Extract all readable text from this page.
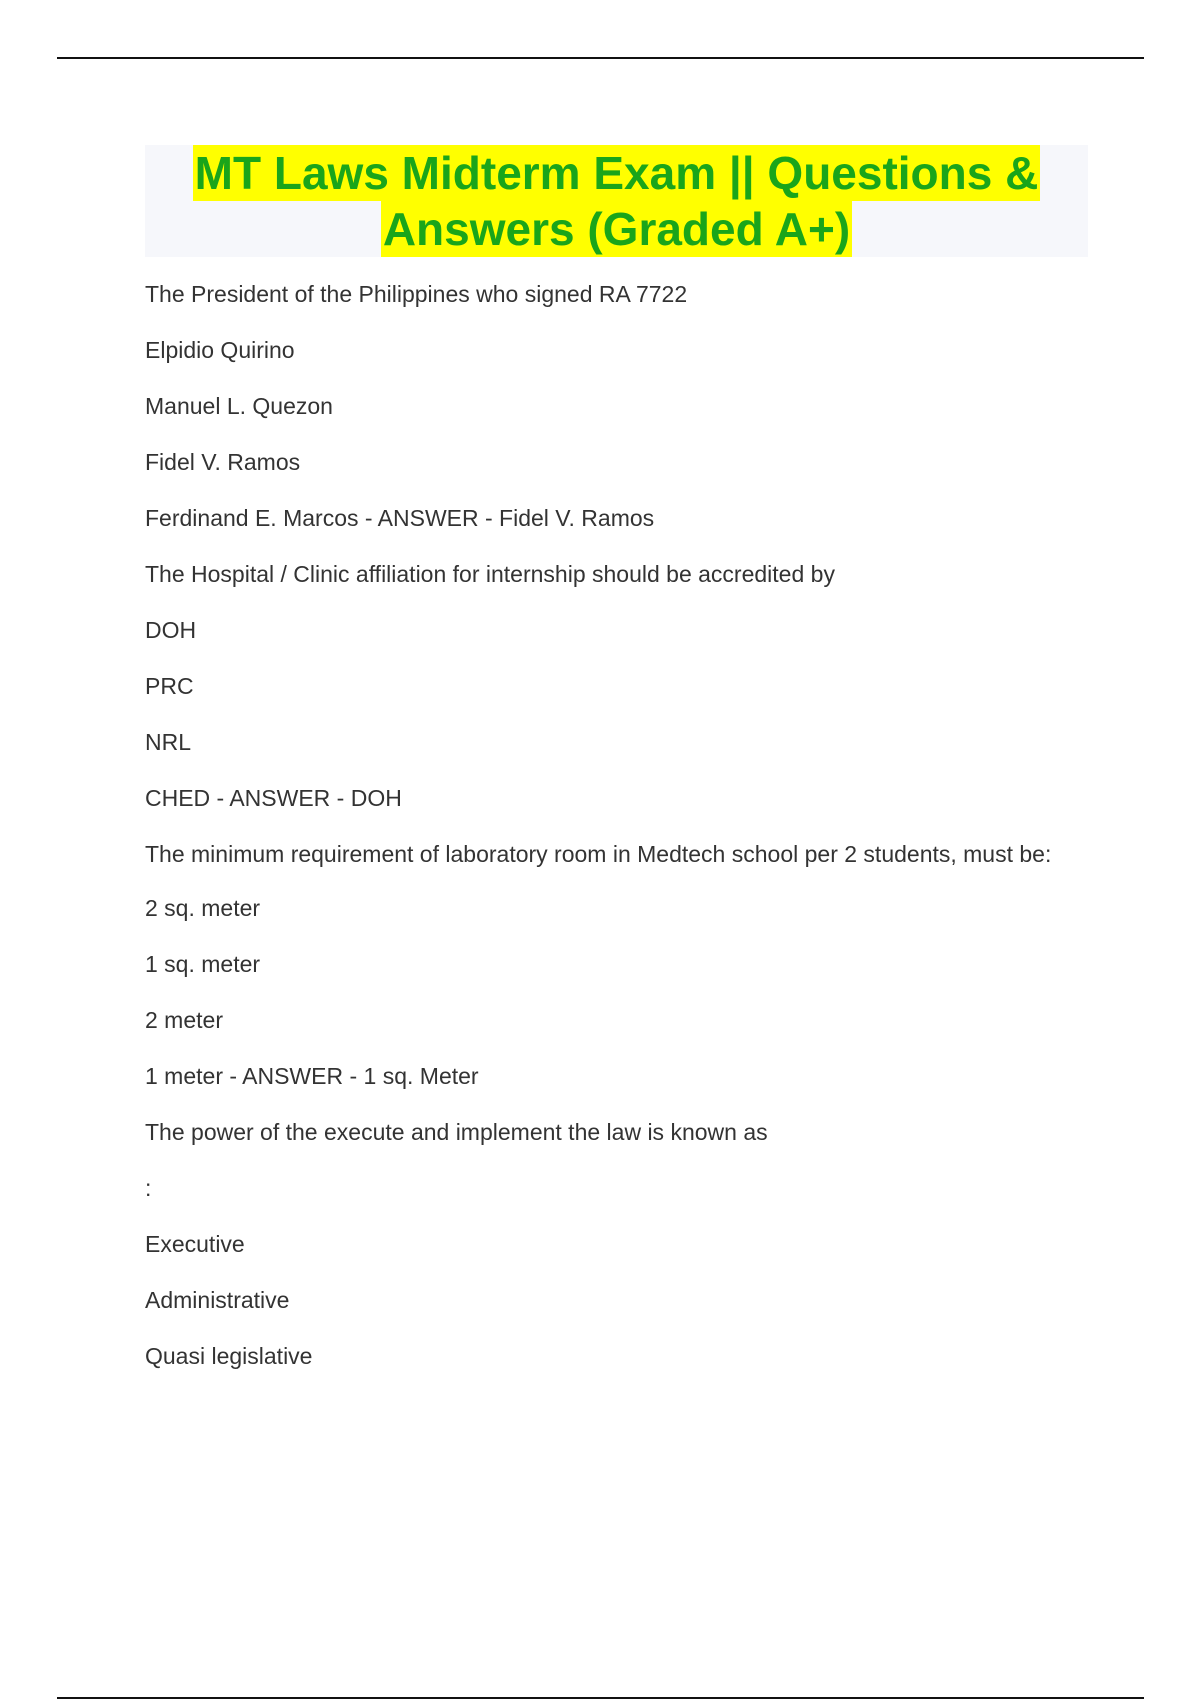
MT Laws Midterm Exam || Questions &
Answers (Graded A+)
The President of the Philippines who signed RA 7722
Elpidio Quirino
Manuel L. Quezon
Fidel V. Ramos
Ferdinand E. Marcos - ANSWER - Fidel V. Ramos
The Hospital / Clinic affiliation for internship should be accredited by
DOH
PRC
NRL
CHED - ANSWER - DOH
The minimum requirement of laboratory room in Medtech school per 2 students, must be:
2 sq. meter
1 sq. meter
2 meter
1 meter - ANSWER - 1 sq. Meter
The power of the execute and implement the law is known as
:
Executive
Administrative
Quasi legislative
